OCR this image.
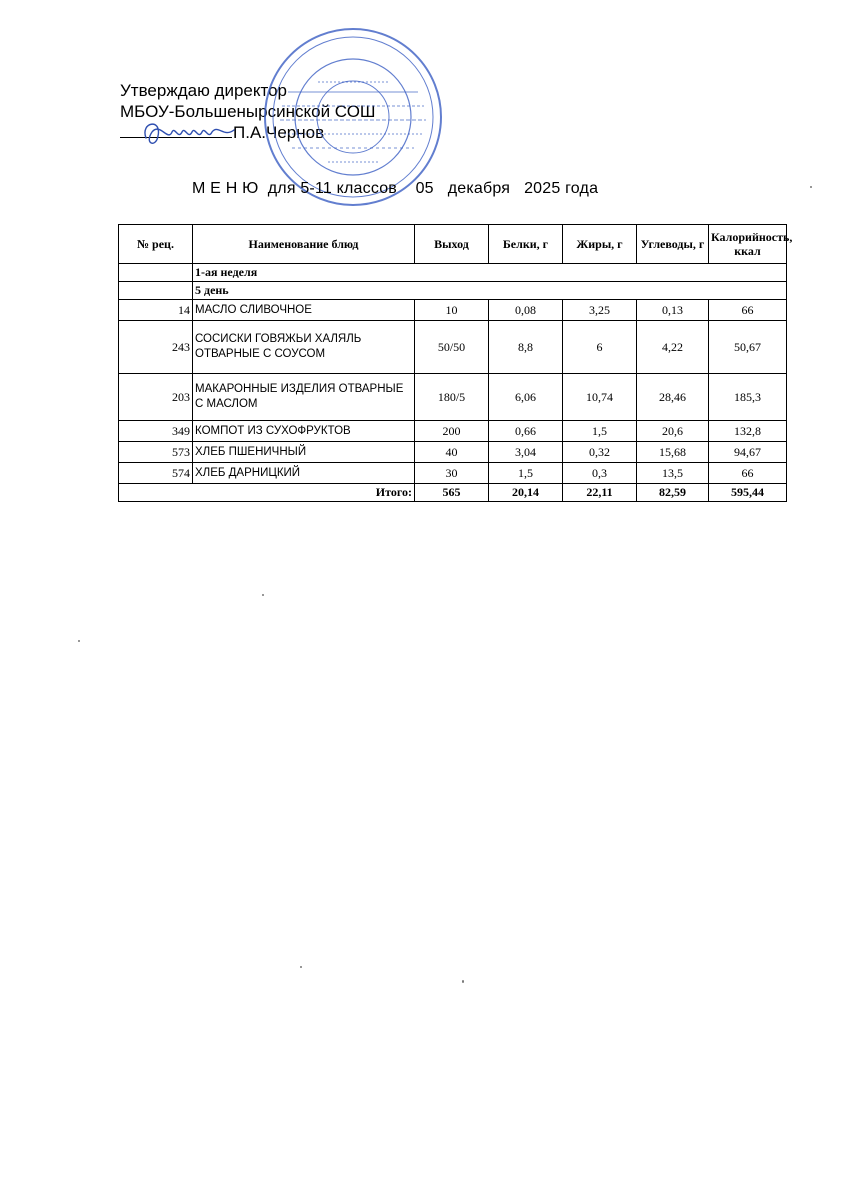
Утверждаю директор
МБОУ-Большеныpсинской СОШ
П.А.Чернов
М Е Н Ю  для 5-11 классов    05   декабря   2025 года
№ рец.	Наименование блюд	Выход	Белки, г	Жиры, г	Углеводы, г	Калорийность, ккал
	1-ая неделя					
	5 день					
14	МАСЛО СЛИВОЧНОЕ	10	0,08	3,25	0,13	66
243	СОСИСКИ ГОВЯЖЬИ ХАЛЯЛЬ ОТВАРНЫЕ С СОУСОМ	50/50	8,8	6	4,22	50,67
203	МАКАРОННЫЕ ИЗДЕЛИЯ ОТВАРНЫЕ С МАСЛОМ	180/5	6,06	10,74	28,46	185,3
349	КОМПОТ ИЗ СУХОФРУКТОВ	200	0,66	1,5	20,6	132,8
573	ХЛЕБ ПШЕНИЧНЫЙ	40	3,04	0,32	15,68	94,67
574	ХЛЕБ ДАРНИЦКИЙ	30	1,5	0,3	13,5	66
Итого:		565	20,14	22,11	82,59	595,44
